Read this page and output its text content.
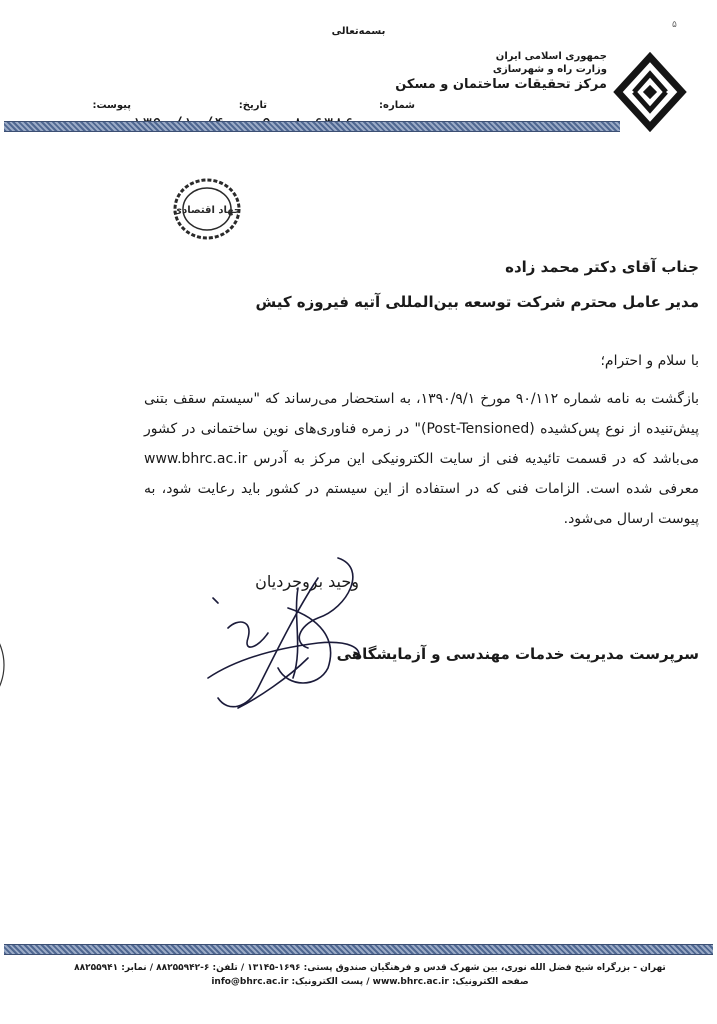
بسمه‌تعالی
۵
جمهوری اسلامی ایران
وزارت راه و شهرسازی
مرکز تحقیقات ساختمان و مسکن
شماره:
تاریخ:
پیوست:
جهاد اقتصادی
جناب آقای دکتر محمد زاده
مدیر عامل محترم شرکت توسعه بین‌المللی آتیه فیروزه کیش
با سلام و احترام؛

بازگشت به نامه شماره ۹۰/۱۱۲ مورخ ۱۳۹۰/۹/۱، به استحضار می‌رساند که "سیستم سقف بتنی پیش‌تنیده از نوع پس‌کشیده (Post-Tensioned)" در زمره فناوری‌های نوین ساختمانی در کشور می‌باشد که در قسمت تائیدیه فنی از سایت الکترونیکی این مرکز به آدرس www.bhrc.ac.ir معرفی شده است. الزامات فنی که در استفاده از این سیستم در کشور باید رعایت شود، به پیوست ارسال می‌شود.

وحید بروجردیان
سرپرست مدیریت خدمات مهندسی و آزمایشگاهی
تهران - بزرگراه شیخ فضل الله نوری، بین شهرک قدس و فرهنگیان صندوق پستی: ۱۶۹۶-۱۳۱۴۵ / تلفن: ۶-۸۸۲۵۵۹۴۲ / نمابر: ۸۸۲۵۵۹۴۱
صفحه الکترونیک: www.bhrc.ac.ir / پست الکترونیک: info@bhrc.ac.ir
